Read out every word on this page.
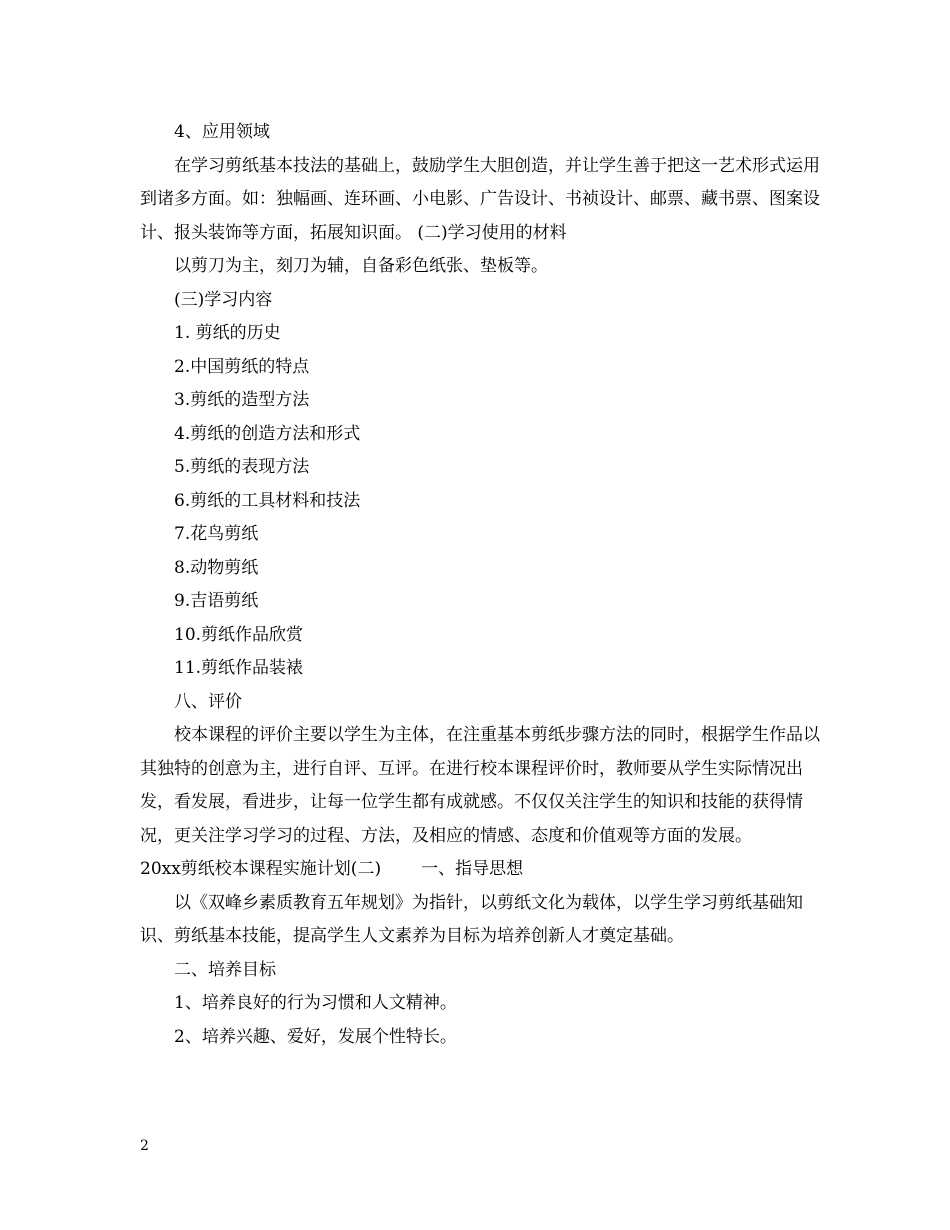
4、应用领域

在学习剪纸基本技法的基础上，鼓励学生大胆创造，并让学生善于把这一艺术形式运用到诸多方面。如：独幅画、连环画、小电影、广告设计、书祯设计、邮票、藏书票、图案设计、报头装饰等方面，拓展知识面。 (二)学习使用的材料

以剪刀为主，刻刀为辅，自备彩色纸张、垫板等。

(三)学习内容

1. 剪纸的历史

2.中国剪纸的特点

3.剪纸的造型方法

4.剪纸的创造方法和形式

5.剪纸的表现方法

6.剪纸的工具材料和技法

7.花鸟剪纸

8.动物剪纸

9.吉语剪纸

10.剪纸作品欣赏

11.剪纸作品装裱

八、评价

校本课程的评价主要以学生为主体，在注重基本剪纸步骤方法的同时，根据学生作品以其独特的创意为主，进行自评、互评。在进行校本课程评价时，教师要从学生实际情况出发，看发展，看进步，让每一位学生都有成就感。不仅仅关注学生的知识和技能的获得情况，更关注学习学习的过程、方法，及相应的情感、态度和价值观等方面的发展。

20xx剪纸校本课程实施计划(二) 一、指导思想

以《双峰乡素质教育五年规划》为指针，以剪纸文化为载体，以学生学习剪纸基础知识、剪纸基本技能，提高学生人文素养为目标为培养创新人才奠定基础。

二、培养目标

1、培养良好的行为习惯和人文精神。

2、培养兴趣、爱好，发展个性特长。

2
